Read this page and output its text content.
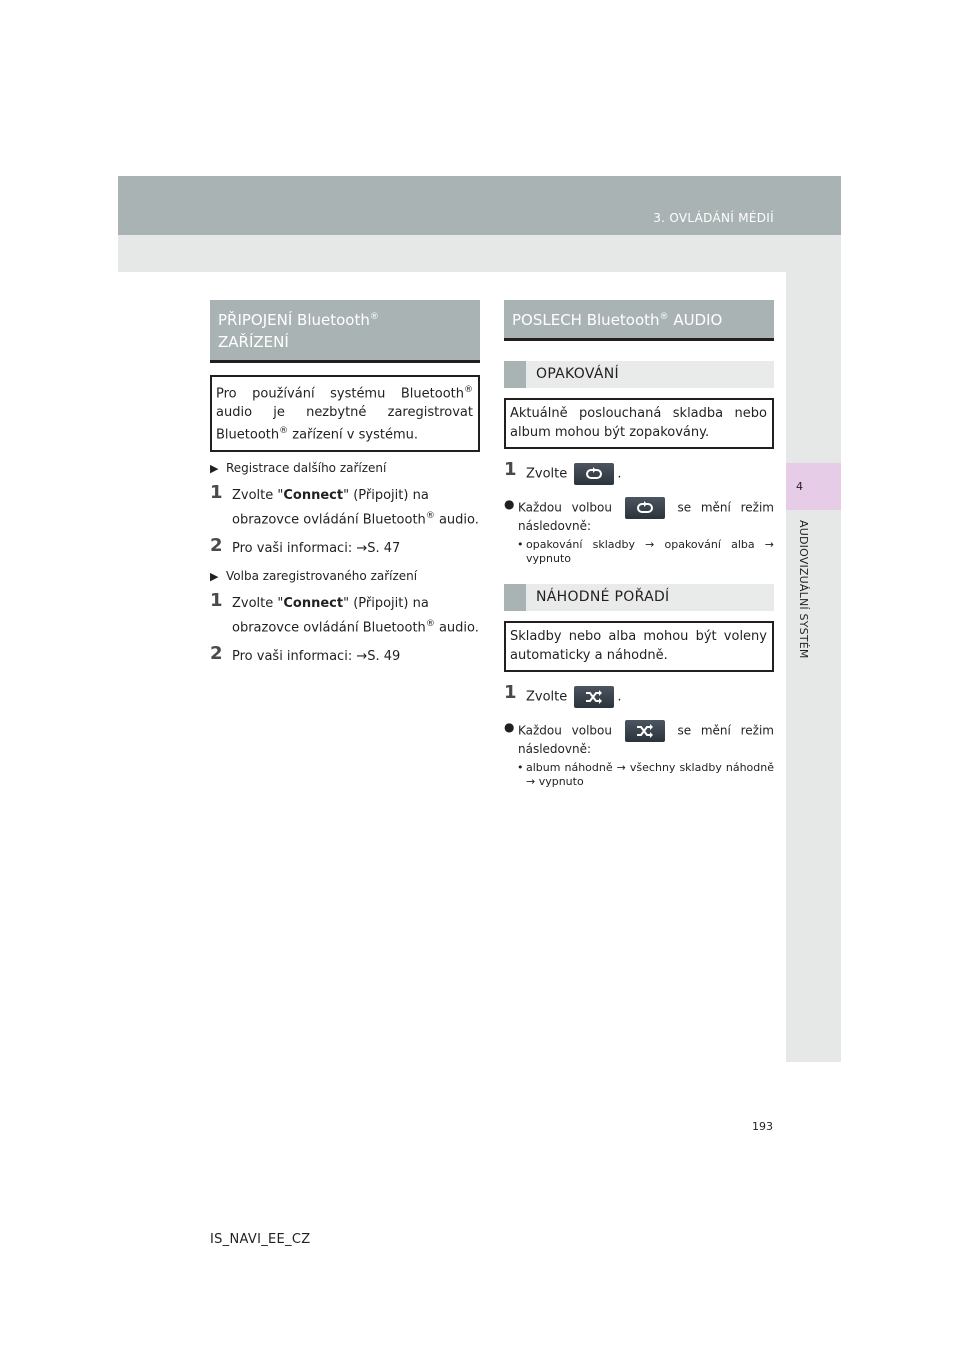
3. OVLÁDÁNÍ MÉDIÍ
4
AUDIOVIZUÁLNÍ SYSTÉM
PŘIPOJENÍ Bluetooth®
ZAŘÍZENÍ
Pro používání systému Bluetooth® audio je nezbytné zaregistrovat Bluetooth® zařízení v systému.
▶ Registrace dalšího zařízení
1 Zvolte "Connect" (Připojit) na obrazovce ovládání Bluetooth® audio.
2 Pro vaši informaci: →S. 47
▶ Volba zaregistrovaného zařízení
1 Zvolte "Connect" (Připojit) na obrazovce ovládání Bluetooth® audio.
2 Pro vaši informaci: →S. 49
POSLECH Bluetooth® AUDIO
OPAKOVÁNÍ
Aktuálně poslouchaná skladba nebo album mohou být zopakovány.
1 Zvolte	.
● Každou volbou	se mění režim následovně:
• opakování skladby → opakování alba → vypnuto
NÁHODNÉ POŘADÍ
Skladby nebo alba mohou být voleny automaticky a náhodně.
1 Zvolte	.
● Každou volbou	se mění režim následovně:
• album náhodně → všechny skladby náhodně → vypnuto
193
IS_NAVI_EE_CZ
